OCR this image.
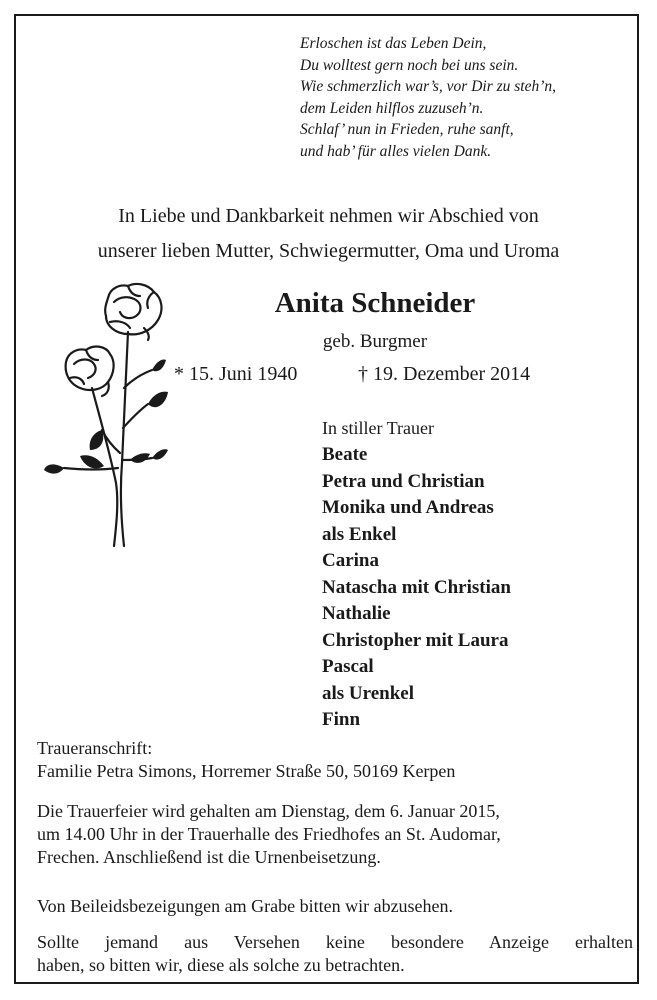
Erloschen ist das Leben Dein,
Du wolltest gern noch bei uns sein.
Wie schmerzlich war’s, vor Dir zu steh’n,
dem Leiden hilflos zuzuseh’n.
Schlaf’ nun in Frieden, ruhe sanft,
und hab’ für alles vielen Dank.
In Liebe und Dankbarkeit nehmen wir Abschied von
unserer lieben Mutter, Schwiegermutter, Oma und Uroma
Anita Schneider
geb. Burgmer
* 15. Juni 1940	† 19. Dezember 2014
In stiller Trauer
Beate
Petra und Christian
Monika und Andreas
als Enkel
Carina
Natascha mit Christian
Nathalie
Christopher mit Laura
Pascal
als Urenkel
Finn
Traueranschrift:
Familie Petra Simons, Horremer Straße 50, 50169 Kerpen
Die Trauerfeier wird gehalten am Dienstag, dem 6. Januar 2015,
um 14.00 Uhr in der Trauerhalle des Friedhofes an St. Audomar,
Frechen. Anschließend ist die Urnenbeisetzung.
Von Beileidsbezeigungen am Grabe bitten wir abzusehen.
Sollte jemand aus Versehen keine besondere Anzeige erhalten
haben, so bitten wir, diese als solche zu betrachten.
